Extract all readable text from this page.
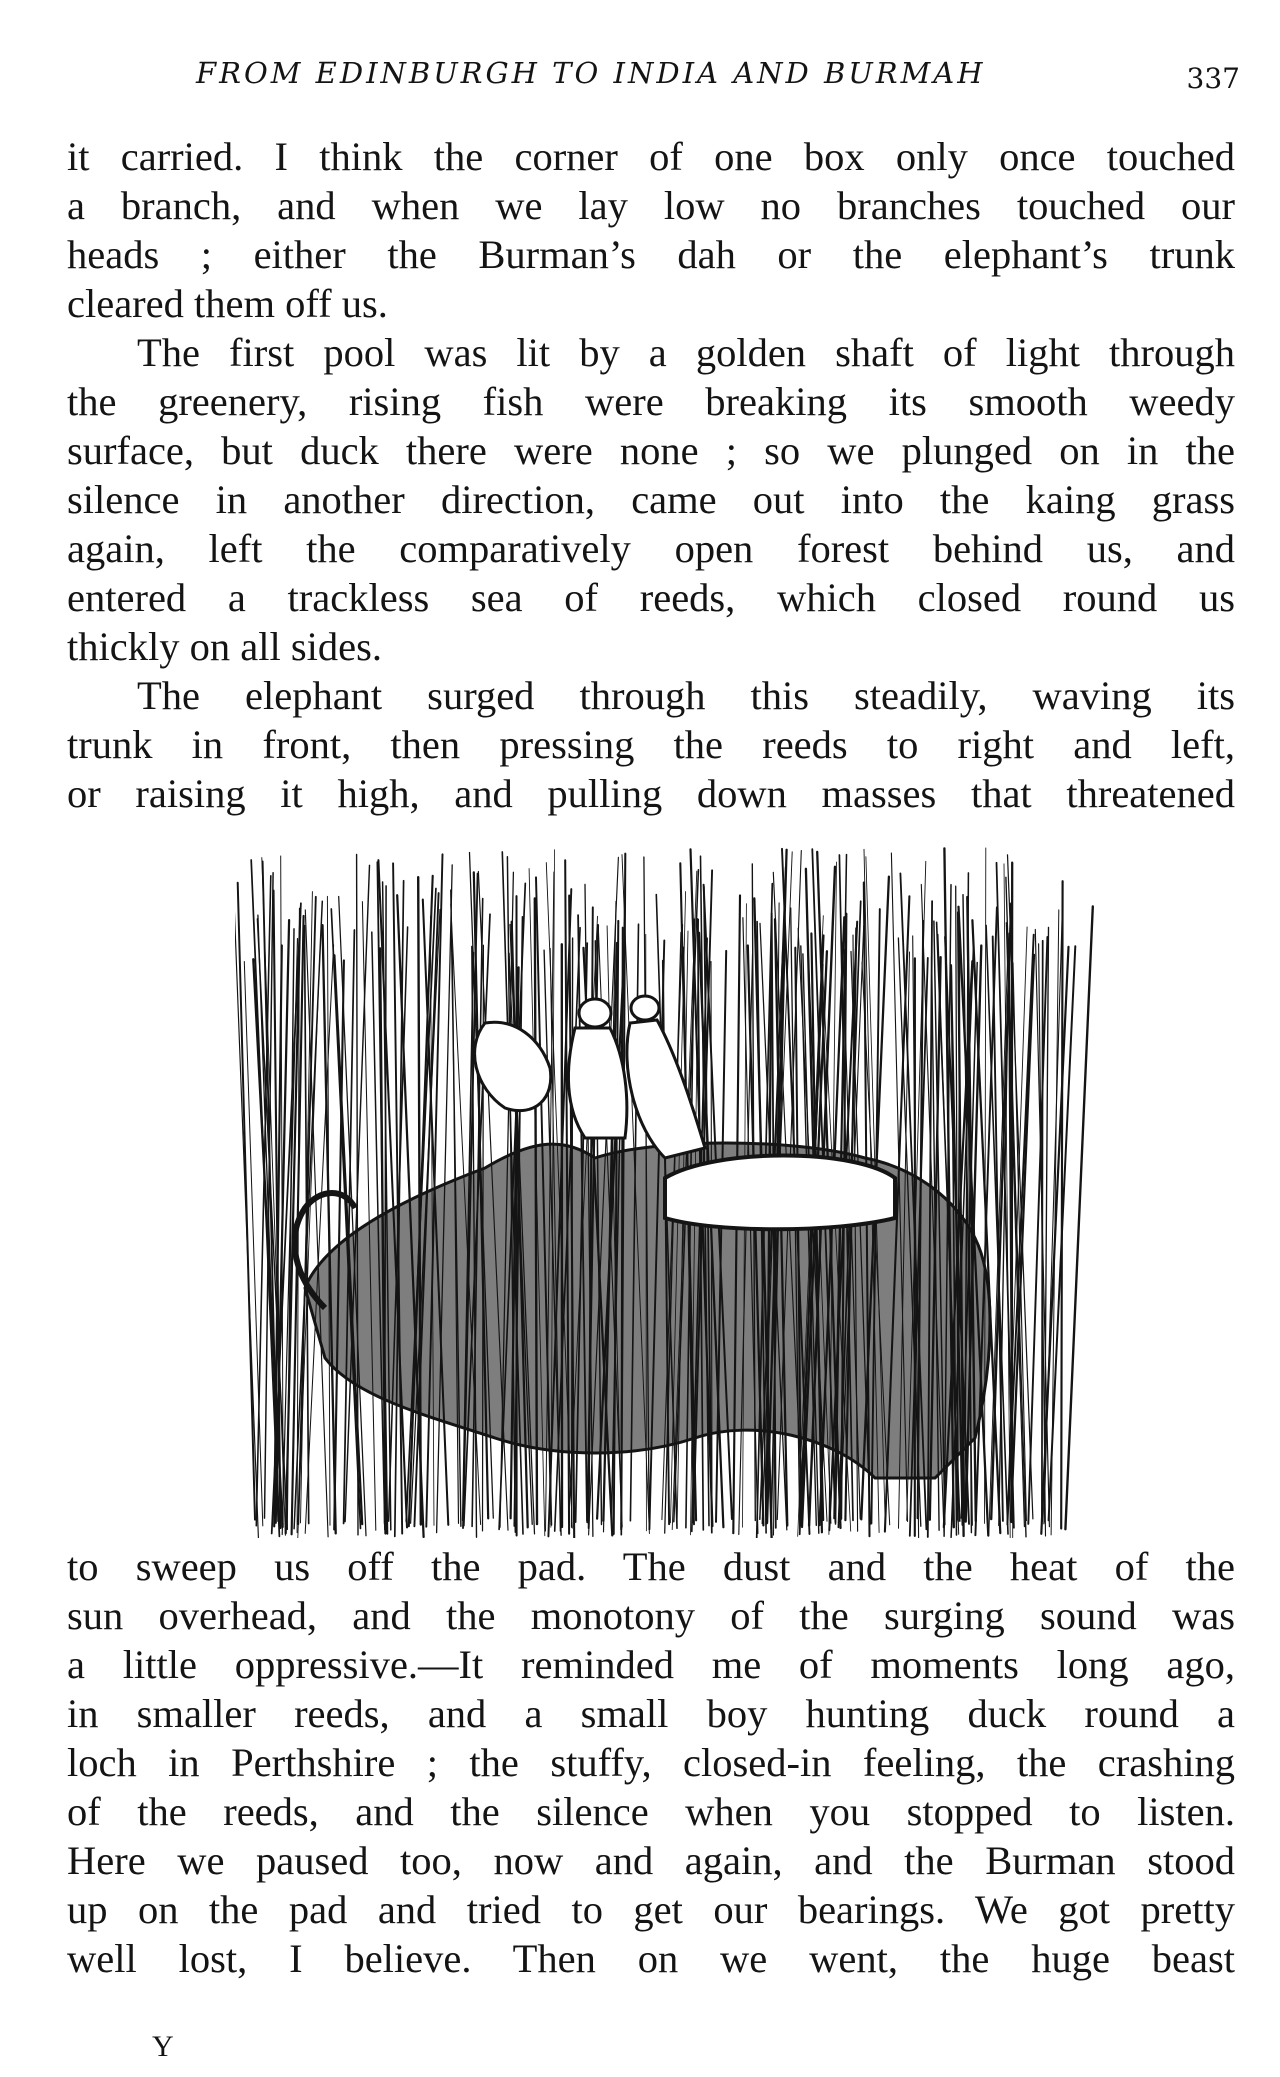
FROM EDINBURGH TO INDIA AND BURMAH	337
it carried. I think the corner of one box only once touched
a branch, and when we lay low no branches touched our
heads ; either the Burman’s dah or the elephant’s trunk
cleared them off us.
The first pool was lit by a golden shaft of light through
the greenery, rising fish were breaking its smooth weedy
surface, but duck there were none ; so we plunged on in the
silence in another direction, came out into the kaing grass
again, left the comparatively open forest behind us, and
entered a trackless sea of reeds, which closed round us
thickly on all sides.
The elephant surged through this steadily, waving its
trunk in front, then pressing the reeds to right and left,
or raising it high, and pulling down masses that threatened
to sweep us off the pad. The dust and the heat of the
sun overhead, and the monotony of the surging sound was
a little oppressive.—It reminded me of moments long ago,
in smaller reeds, and a small boy hunting duck round a
loch in Perthshire ; the stuffy, closed-in feeling, the crashing
of the reeds, and the silence when you stopped to listen.
Here we paused too, now and again, and the Burman stood
up on the pad and tried to get our bearings. We got pretty
well lost, I believe. Then on we went, the huge beast
Y
